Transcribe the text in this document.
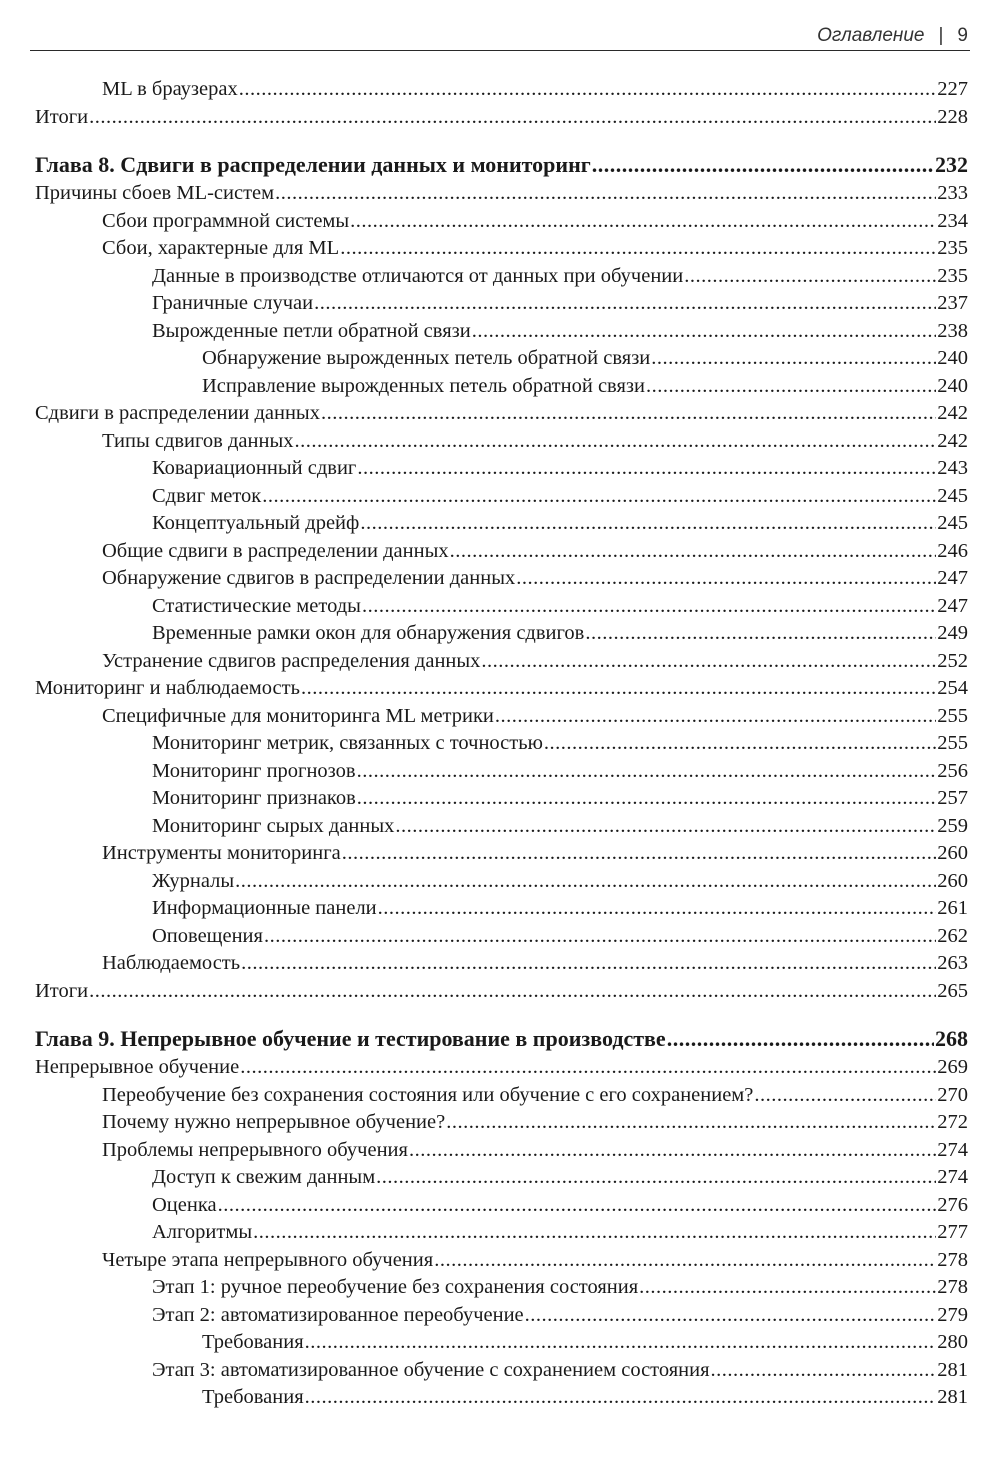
Оглавление | 9
ML в браузерах .....	227
Итоги .....	228
Глава 8. Сдвиги в распределении данных и мониторинг .....	232
Причины сбоев ML-систем .....	233
Сбои программной системы .....	234
Сбои, характерные для ML .....	235
Данные в производстве отличаются от данных при обучении .....	235
Граничные случаи .....	237
Вырожденные петли обратной связи .....	238
Обнаружение вырожденных петель обратной связи .....	240
Исправление вырожденных петель обратной связи .....	240
Сдвиги в распределении данных .....	242
Типы сдвигов данных .....	242
Ковариационный сдвиг .....	243
Сдвиг меток .....	245
Концептуальный дрейф .....	245
Общие сдвиги в распределении данных .....	246
Обнаружение сдвигов в распределении данных .....	247
Статистические методы .....	247
Временные рамки окон для обнаружения сдвигов .....	249
Устранение сдвигов распределения данных .....	252
Мониторинг и наблюдаемость .....	254
Специфичные для мониторинга ML метрики .....	255
Мониторинг метрик, связанных с точностью .....	255
Мониторинг прогнозов .....	256
Мониторинг признаков .....	257
Мониторинг сырых данных .....	259
Инструменты мониторинга .....	260
Журналы .....	260
Информационные панели .....	261
Оповещения .....	262
Наблюдаемость .....	263
Итоги .....	265
Глава 9. Непрерывное обучение и тестирование в производстве .....	268
Непрерывное обучение .....	269
Переобучение без сохранения состояния или обучение с его сохранением? .....	270
Почему нужно непрерывное обучение? .....	272
Проблемы непрерывного обучения .....	274
Доступ к свежим данным .....	274
Оценка .....	276
Алгоритмы .....	277
Четыре этапа непрерывного обучения .....	278
Этап 1: ручное переобучение без сохранения состояния .....	278
Этап 2: автоматизированное переобучение .....	279
Требования .....	280
Этап 3: автоматизированное обучение с сохранением состояния .....	281
Требования .....	281
